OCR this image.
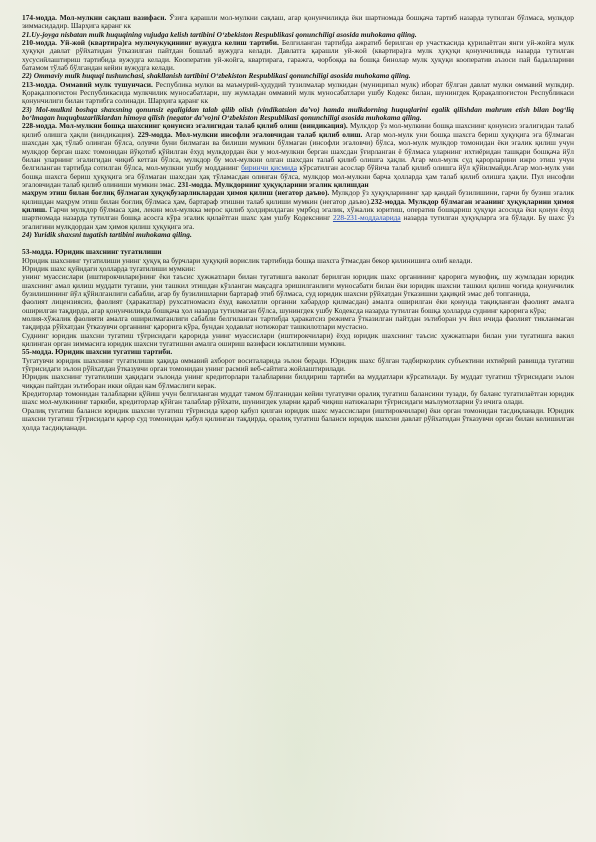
174-модда. Мол-мулкни сақлаш вазифаси. Ўзига қарашли мол-мулкни сақлаш, агар қонунчиликда ёки шартномада бошқача тартиб назарда тутилган бўлмаса, мулкдор зиммасидадир. Шарҳига қаранг кк

21.Uy-joyga nisbatan mulk huquqining vujudga kelish tartibini O‘zbekiston Respublikasi qonunchiligi asosida muhokama qiling.

210-модда. Уй-жой (квартира)га мулкчукуқининг вужудга келиш тартиби. Белгиланган тартибда ажратиб берилган ер участкасида қурилаётган янги уй-жойга мулк ҳуқуқи давлат рўйхатидан ўтказилган пайтдан бошлаб вужудга келади. Давлатга қарашли уй-жой (квартира)га мулк ҳуқуқи қонунчиликда назарда тутилган хусусийлаштириш тартибида вужудга келади. Кооператив уй-жойга, квартирага, гаражга, чорбоққа ва бошқа бинолар мулк ҳуқуқи кооператив аъзоси пай бадалларини батамом тўлаб бўлгандан кейин вужудга келади.

22) Ommaviy mulk huquqi tushunchasi, shakllanish tartibini O‘zbekiston Respublikasi qonunchiligi asosida muhokama qiling.

213-модда. Оммавий мулк тушунчаси. Республика мулки ва маъмурий-ҳудудий тузилмалар мулкидан (муниципал мулк) иборат бўлган давлат мулки оммавий мулкдир. Қорақалпоғистон Республикасида мулкчилик муносабатлари, шу жумладан оммавий мулк муносабатлари ушбу Кодекс билан, шунингдек Қорақалпоғистон Республикаси қонунчилиги билан тартибга солинади. Шарҳига қаранг кк

23) Mol-mulkni boshqa shaxsning qonunsiz egaligidan talab qilib olish (vindikatsion da’vo) hamda mulkdorning huquqlarini egalik qilishdan mahrum etish bilan bog‘liq bo‘lmagan huquqbuzarliklardan himoya qilish (negator da’vo)ni O‘zbekiston Respublikasi qonunchiligi asosida muhokama qiling.

228-модда. Мол-мулкни бошқа шахснинг қонунсиз эгалигидан талаб қилиб олиш (виндикация). Мулкдор ўз мол-мулкини бошқа шахснинг қонунсиз эгалигидан талаб қилиб олишга ҳақли (виндикация). 229-модда. Мол-мулкни инсофли эгаловчидан талаб қилиб олиш. Агар мол-мулк уни бошқа шахсга бериш ҳуқуқига эга бўлмаган шахсдан ҳақ тўлаб олинган бўлса, олувчи буни билмаган ва билиши мумкин бўлмаган (инсофли эгаловчи) бўлса, мол-мулк мулкдор томонидан ёки эгалик қилиш учун мулкдор берган шахс томонидан йўқотиб қўйилган ёхуд мулкдордан ёки у мол-мулкни берган шахсдан ўғирланган ё бўлмаса уларнинг ихтиёридан ташқари бошқача йўл билан уларнинг эгалигидан чиқиб кетган бўлса, мулкдор бу мол-мулкни олган шахсдан талаб қилиб олишга ҳақли. Агар мол-мулк суд қарорларини ижро этиш учун белгиланган тартибда сотилган бўлса, мол-мулкни ушбу модданинг биринчи қисмида кўрсатилган асослар бўйича талаб қилиб олишга йўл қўйилмайди.Агар мол-мулк уни бошқа шахсга бериш ҳуқуқига эга бўлмаган шахсдан ҳақ тўламасдан олинган бўлса, мулкдор мол-мулкни барча ҳолларда ҳам талаб қилиб олишга ҳақли. Пул инсофли эгаловчидан талаб қилиб олиниши мумкин эмас. 231-модда. Мулкдорнинг ҳуқуқларини эгалик қилишдан

маҳрум этиш билан боғлиқ бўлмаган ҳуқуқбузарликлардан ҳимоя қилиш (негатор даъво). Мулкдор ўз ҳуқуқларининг ҳар қандай бузилишини, гарчи бу бузиш эгалик қилишдан маҳрум этиш билан боғлиқ бўлмаса ҳам, бартараф этишни талаб қилиши мумкин (негатор даъво).232-модда. Мулкдор бўлмаган эгаанинг ҳуқуқларини ҳимоя қилиш. Гарчи мулкдор бўлмаса ҳам, лекин мол-мулкка мерос қилиб ҳолдирилдаган умрбод эгалик, хўжалик юритиш, оператив бошқариш ҳуқуқи асосида ёки қонун ёхуд шартномада назарда тутилган бошқа асосга кўра эгалик қилаётган шахс ҳам ушбу Кодекснинг 228-231-моддаларида назарда тутилган ҳуқуқларга эга бўлади. Бу шахс ўз эгалигини мулкдордан ҳам ҳимоя қилиш ҳуқуқига эга.

24) Yuridik shaxsni tugatish tartibini muhokama qiling.

53-модда. Юридик шахснинг тугатилиши

Юридик шахснинг тугатилиши унинг ҳуқуқ ва бурчлари ҳуқуқий ворислик тартибида бошқа шахсга ўтмасдан бекор қилинишига олиб келади.

Юридик шахс қуйидаги ҳолларда тугатилиши мумкин:

унинг муассислари (иштирокчилари)нинг ёки таъсис ҳужжатлари билан тугатишга ваколат берилган юридик шахс органининг қарорига мувофиқ, шу жумладан юридик шахснинг амал қилиш муддати тугаши, уни ташкил этишдан кўзланган мақсадга эришилганлиги муносабати билан ёки юридик шахсни ташкил қилиш чоғида қонунчилик бузилишининг йўл қўйилганлиги сабабли, агар бу бузилишларни бартараф этиб бўлмаса, суд юридик шахсни рўйхатдан ўтказишни ҳақиқий эмас деб топганида,

фаолият лицензиясиз, фаолият (ҳаракатлар) рухсатномасиз ёхуд ваколатли органни хабардор қилмасдан) амалга оширилган ёки қонунда тақиқланган фаолият амалга оширилган тақдирда, агар қонунчиликда бошқача ҳол назарда тутилмаган бўлса, шунингдек ушбу Кодексда назарда тутилган бошқа ҳолларда суднинг қарорига кўра;

молия-хўжалик фаолияти амалга оширилмаганлиги сабабли белгиланган тартибда ҳаракатсиз режимга ўтказилган пайтдан эътиборан уч йил ичида фаолият тикланмаган тақдирда рўйхатдан ўтказувчи органнинг қарорига кўра, бундан ҳодавлат нотижорат ташкилотлари мустасно.

Суднинг юридик шахсни тугатиш тўғрисидаги қарорида унинг муассислари (иштирокчилари) ёхуд юридик шахснинг таъсис ҳужжатлари билан уни тугатишга вакил қилинган орган зиммасига юридик шахсни тугатишни амалга ошириш вазифаси юклатилиши мумкин.

55-модда. Юридик шахсни тугатиш тартиби.

Тугатувчи юридик шахснинг тугатилиши ҳақида оммавий ахборот воситаларида эълон беради. Юридик шахс бўлган тадбиркорлик субъектини ихтиёрий равишда тугатиш тўғрисидаги эълон рўйхатдан ўтказувчи орган томонидан унинг расмий веб-сайтига жойлаштирилади.

Юридик шахснинг тугатилиши ҳақидаги эълонда унинг кредиторлари талабларини билдириш тартиби ва муддатлари кўрсатилади. Бу муддат тугатиш тўғрисидаги эълон чиққан пайтдан эътиборан икки ойдан кам бўлмаслиги керак.

Кредиторлар томонидан талабларни қўйиш учун белгиланган муддат тамом бўлганидан кейин тугатувчи оралиқ тугатиш балансини тузади, бу баланс тугатилаётган юридик шахс мол-мулкининг таркиби, кредиторлар қўйган талаблар рўйхати, шунингдек уларни қараб чиқиш натижалари тўғрисидаги маълумотларни ўз ичига олади.

Оралиқ тугатиш баланси юридик шахсни тугатиш тўғрисида қарор қабул қилган юридик шахс муассислари (иштирокчилари) ёки орган томонидан тасдиқланади. Юридик шахсни тугатиш тўғрисидаги қарор суд томонидан қабул қилинган тақдирда, оралиқ тугатиш баланси юридик шахсни давлат рўйхатидан ўтказувчи орган билан келишилган ҳолда тасдиқланади.
